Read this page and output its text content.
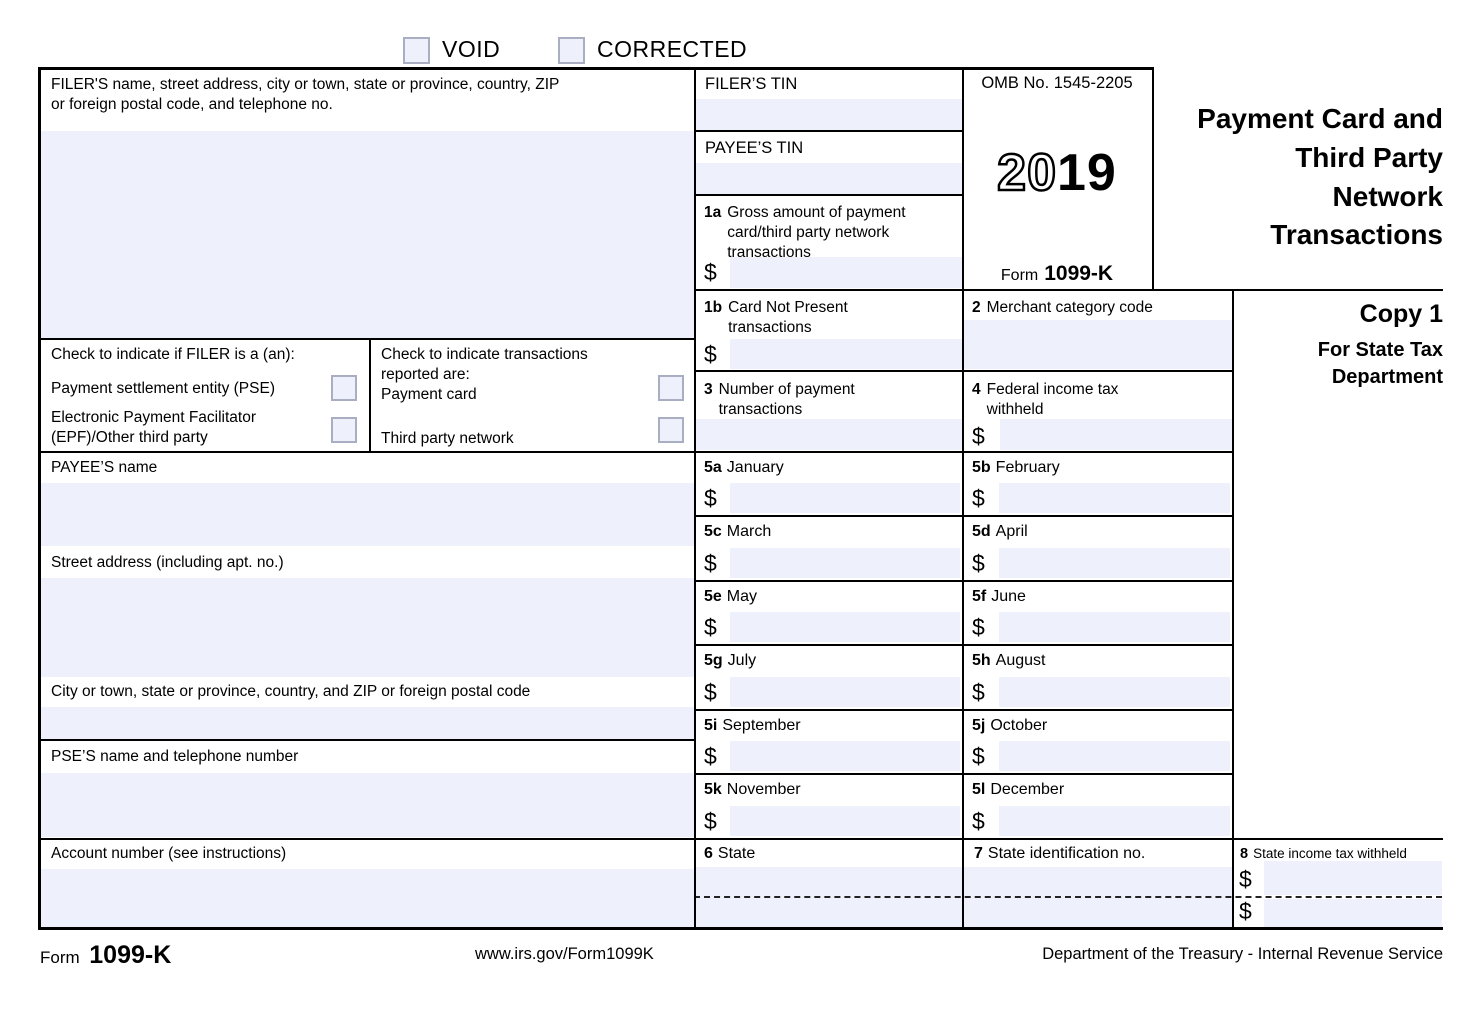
VOID	CORRECTED
FILER'S name, street address, city or town, state or province, country, ZIP
or foreign postal code, and telephone no.
FILER’S TIN
PAYEE’S TIN
OMB No. 1545-2205
2019
Form 1099-K
Payment Card and
Third Party
Network
Transactions
Copy 1
For State Tax
Department
1a Gross amount of payment
card/third party network
transactions
$
1b Card Not Present
transactions
$
2 Merchant category code
Check to indicate if FILER is a (an):
Payment settlement entity (PSE)
Electronic Payment Facilitator
(EPF)/Other third party
Check to indicate transactions
reported are:
Payment card
Third party network
3 Number of payment
transactions
4 Federal income tax
withheld
$
PAYEE’S name
Street address (including apt. no.)
City or town, state or province, country, and ZIP or foreign postal code
PSE’S name and telephone number
Account number (see instructions)
5a January
$
5b February
$
5c March
$
5d April
$
5e May
$
5f June
$
5g July
$
5h August
$
5i September
$
5j October
$
5k November
$
5l December
$
6 State	7 State identification no.	8 State income tax withheld
$
$
Form 1099-K	www.irs.gov/Form1099K	Department of the Treasury - Internal Revenue Service
